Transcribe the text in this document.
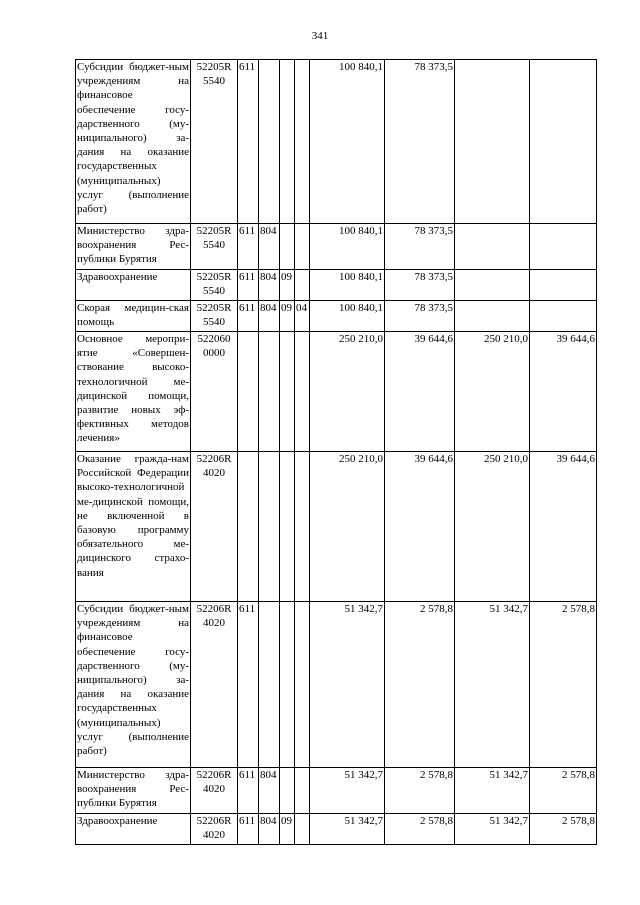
341
Субсидии бюджет-ным учреждениям на финансовое обеспечение госу-дарственного (му-ниципального) за-дания на оказание государственных (муниципальных) услуг (выполнение работ)	52205R 5540	611				100 840,1	78 373,5		
Министерство здра-воохранения Рес-публики Бурятия	52205R 5540	611	804			100 840,1	78 373,5		
Здравоохранение	52205R 5540	611	804	09		100 840,1	78 373,5		
Скорая медицин-ская помощь	52205R 5540	611	804	09	04	100 840,1	78 373,5		
Основное меропри-ятие «Совершен-ствование высоко-технологичной ме-дицинской помощи, развитие новых эф-фективных методов лечения»	522060 0000					250 210,0	39 644,6	250 210,0	39 644,6
Оказание гражда-нам Российской Федерации высоко-технологичной ме-дицинской помощи, не включенной в базовую программу обязательного ме-дицинского страхо-вания	52206R 4020					250 210,0	39 644,6	250 210,0	39 644,6
Субсидии бюджет-ным учреждениям на финансовое обеспечение госу-дарственного (му-ниципального) за-дания на оказание государственных (муниципальных) услуг (выполнение работ)	52206R 4020	611				51 342,7	2 578,8	51 342,7	2 578,8
Министерство здра-воохранения Рес-публики Бурятия	52206R 4020	611	804			51 342,7	2 578,8	51 342,7	2 578,8
Здравоохранение	52206R 4020	611	804	09		51 342,7	2 578,8	51 342,7	2 578,8
